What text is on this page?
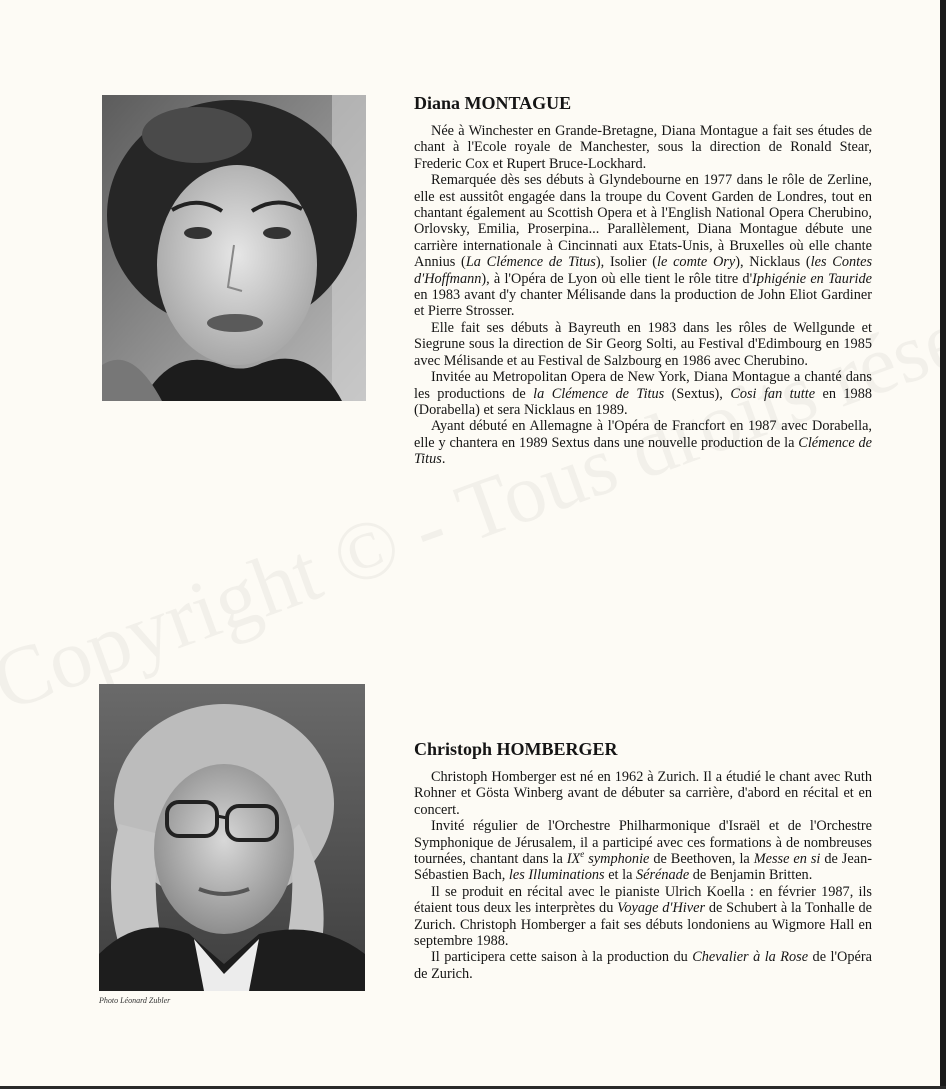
Diana MONTAGUE

Née à Winchester en Grande-Bretagne, Diana Montague a fait ses études de chant à l'Ecole royale de Manchester, sous la direction de Ronald Stear, Frederic Cox et Rupert Bruce-Lockhard.

Remarquée dès ses débuts à Glyndebourne en 1977 dans le rôle de Zerline, elle est aussitôt engagée dans la troupe du Covent Garden de Londres, tout en chantant également au Scottish Opera et à l'English National Opera Cherubino, Orlovsky, Emilia, Proserpina... Parallèlement, Diana Montague débute une carrière internationale à Cincinnati aux Etats-Unis, à Bruxelles où elle chante Annius (La Clémence de Titus), Isolier (le comte Ory), Nicklaus (les Contes d'Hoffmann), à l'Opéra de Lyon où elle tient le rôle titre d'Iphigénie en Tauride en 1983 avant d'y chanter Mélisande dans la production de John Eliot Gardiner et Pierre Strosser.

Elle fait ses débuts à Bayreuth en 1983 dans les rôles de Wellgunde et Siegrune sous la direction de Sir Georg Solti, au Festival d'Edimbourg en 1985 avec Mélisande et au Festival de Salzbourg en 1986 avec Cherubino.

Invitée au Metropolitan Opera de New York, Diana Montague a chanté dans les productions de la Clémence de Titus (Sextus), Cosi fan tutte en 1988 (Dorabella) et sera Nicklaus en 1989.

Ayant débuté en Allemagne à l'Opéra de Francfort en 1987 avec Dorabella, elle y chantera en 1989 Sextus dans une nouvelle production de la Clémence de Titus.

Photo Léonard Zubler
Christoph HOMBERGER

Christoph Homberger est né en 1962 à Zurich. Il a étudié le chant avec Ruth Rohner et Gösta Winberg avant de débuter sa carrière, d'abord en récital et en concert.

Invité régulier de l'Orchestre Philharmonique d'Israël et de l'Orchestre Symphonique de Jérusalem, il a participé avec ces formations à de nombreuses tournées, chantant dans la IXe symphonie de Beethoven, la Messe en si de Jean-Sébastien Bach, les Illuminations et la Sérénade de Benjamin Britten.

Il se produit en récital avec le pianiste Ulrich Koella : en février 1987, ils étaient tous deux les interprètes du Voyage d'Hiver de Schubert à la Tonhalle de Zurich. Christoph Homberger a fait ses débuts londoniens au Wigmore Hall en septembre 1988.

Il participera cette saison à la production du Chevalier à la Rose de l'Opéra de Zurich.
